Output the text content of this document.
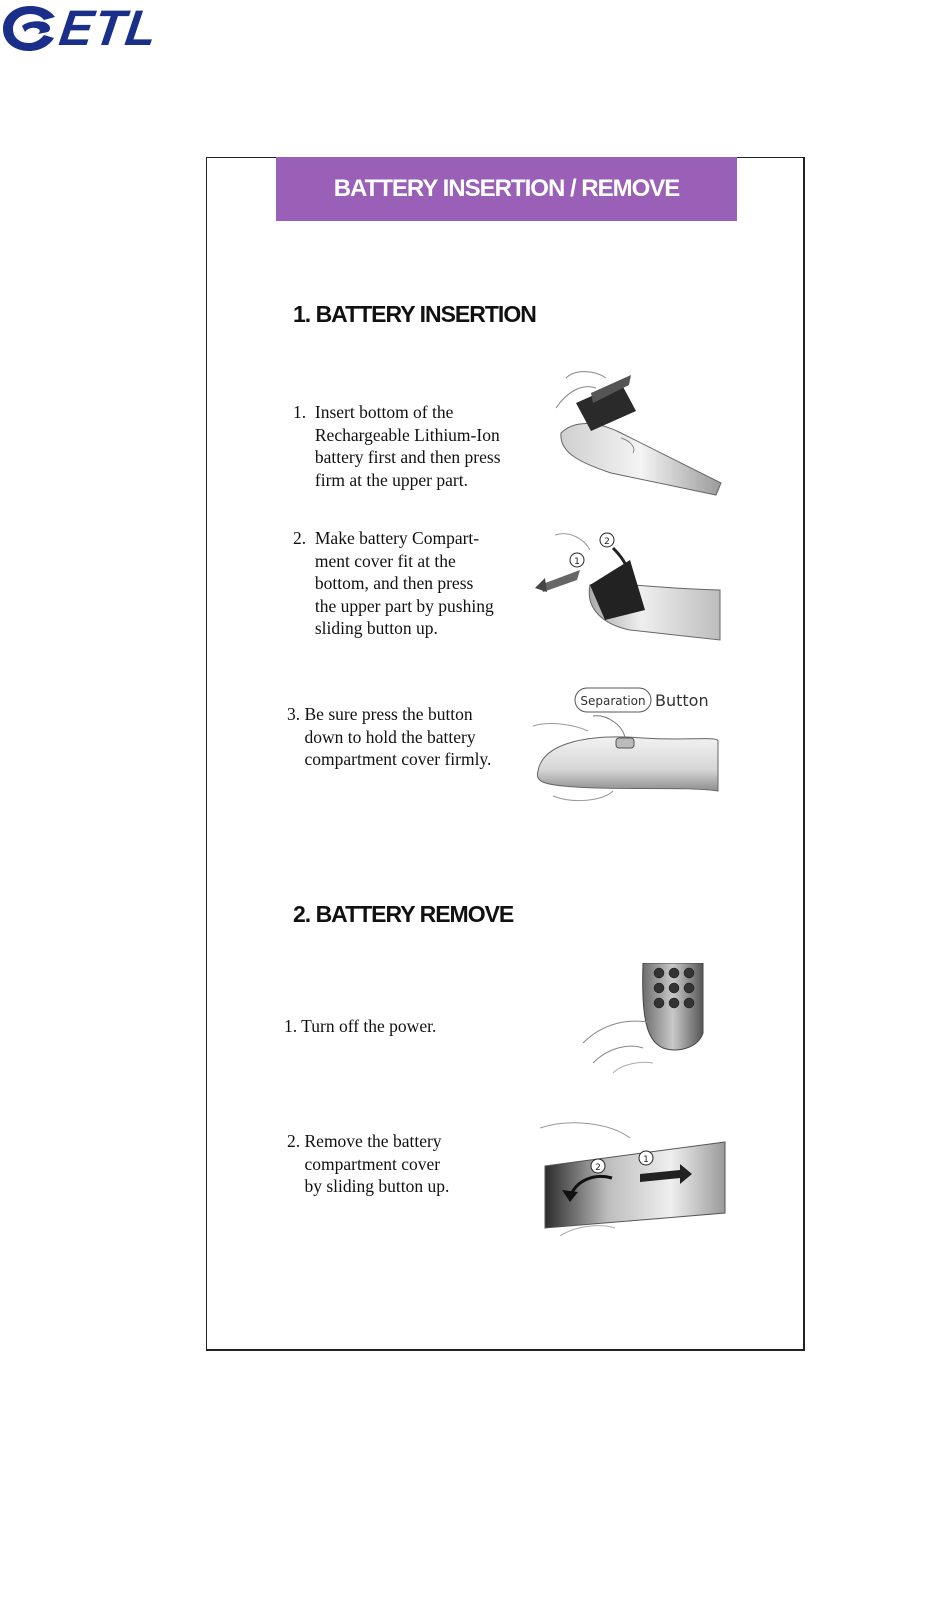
ETL
BATTERY INSERTION / REMOVE
1. BATTERY INSERTION
1.  Insert bottom of the
Rechargeable Lithium-Ion
battery first and then press
firm at the upper part.
2.  Make battery Compart-
ment cover fit at the
bottom, and then press
the upper part by pushing
sliding button up.
1
2
3. Be sure press the button
down to hold the battery
compartment cover firmly.
Separation Button
2. BATTERY REMOVE
1. Turn off the power.
2. Remove the battery
compartment cover
by sliding button up.
2
1
